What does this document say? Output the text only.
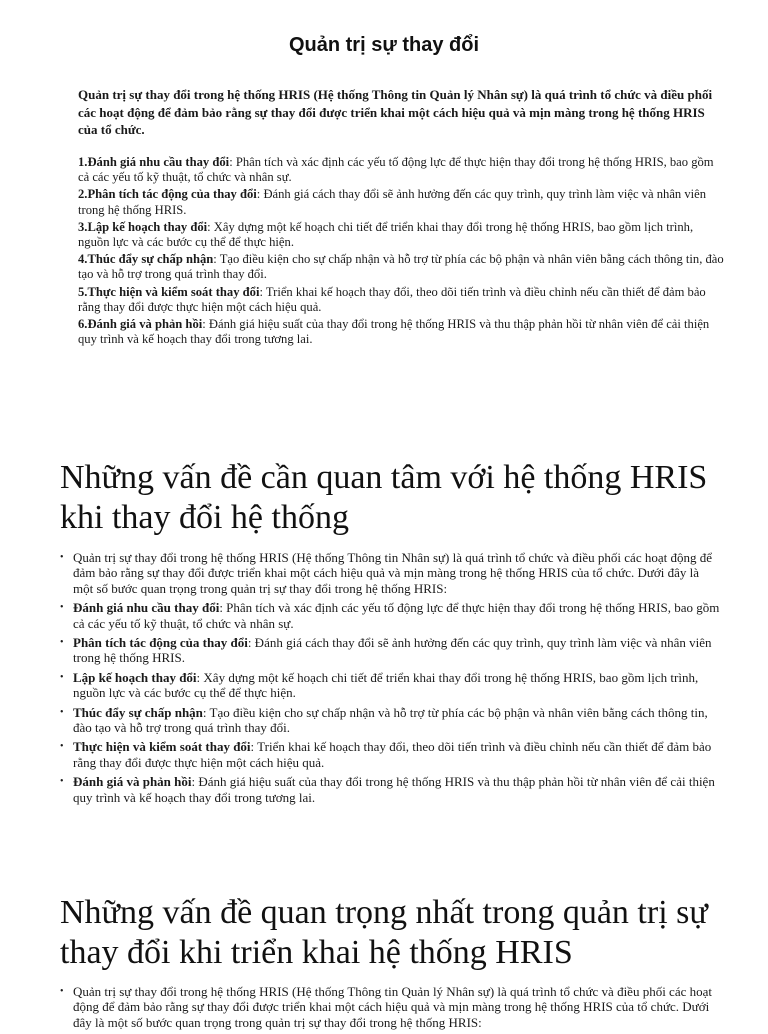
Quản trị sự thay đổi

Quản trị sự thay đổi trong hệ thống HRIS (Hệ thống Thông tin Quản lý Nhân sự) là quá trình tổ chức và điều phối các hoạt động để đảm bảo rằng sự thay đổi được triển khai một cách hiệu quả và mịn màng trong hệ thống HRIS của tổ chức.

1.Đánh giá nhu cầu thay đổi: Phân tích và xác định các yếu tố động lực để thực hiện thay đổi trong hệ thống HRIS, bao gồm cả các yếu tố kỹ thuật, tổ chức và nhân sự.
2.Phân tích tác động của thay đổi: Đánh giá cách thay đổi sẽ ảnh hưởng đến các quy trình, quy trình làm việc và nhân viên trong hệ thống HRIS.
3.Lập kế hoạch thay đổi: Xây dựng một kế hoạch chi tiết để triển khai thay đổi trong hệ thống HRIS, bao gồm lịch trình, nguồn lực và các bước cụ thể để thực hiện.
4.Thúc đẩy sự chấp nhận: Tạo điều kiện cho sự chấp nhận và hỗ trợ từ phía các bộ phận và nhân viên bằng cách thông tin, đào tạo và hỗ trợ trong quá trình thay đổi.
5.Thực hiện và kiểm soát thay đổi: Triển khai kế hoạch thay đổi, theo dõi tiến trình và điều chỉnh nếu cần thiết để đảm bảo rằng thay đổi được thực hiện một cách hiệu quả.
6.Đánh giá và phản hồi: Đánh giá hiệu suất của thay đổi trong hệ thống HRIS và thu thập phản hồi từ nhân viên để cải thiện quy trình và kế hoạch thay đổi trong tương lai.
Những vấn đề cần quan tâm với hệ thống HRIS khi thay đổi hệ thống
• Quản trị sự thay đổi trong hệ thống HRIS (Hệ thống Thông tin Nhân sự) là quá trình tổ chức và điều phối các hoạt động để đảm bảo rằng sự thay đổi được triển khai một cách hiệu quả và mịn màng trong hệ thống HRIS của tổ chức. Dưới đây là một số bước quan trọng trong quản trị sự thay đổi trong hệ thống HRIS:
• Đánh giá nhu cầu thay đổi: Phân tích và xác định các yếu tố động lực để thực hiện thay đổi trong hệ thống HRIS, bao gồm cả các yếu tố kỹ thuật, tổ chức và nhân sự.
• Phân tích tác động của thay đổi: Đánh giá cách thay đổi sẽ ảnh hưởng đến các quy trình, quy trình làm việc và nhân viên trong hệ thống HRIS.
• Lập kế hoạch thay đổi: Xây dựng một kế hoạch chi tiết để triển khai thay đổi trong hệ thống HRIS, bao gồm lịch trình, nguồn lực và các bước cụ thể để thực hiện.
• Thúc đẩy sự chấp nhận: Tạo điều kiện cho sự chấp nhận và hỗ trợ từ phía các bộ phận và nhân viên bằng cách thông tin, đào tạo và hỗ trợ trong quá trình thay đổi.
• Thực hiện và kiểm soát thay đổi: Triển khai kế hoạch thay đổi, theo dõi tiến trình và điều chỉnh nếu cần thiết để đảm bảo rằng thay đổi được thực hiện một cách hiệu quả.
• Đánh giá và phản hồi: Đánh giá hiệu suất của thay đổi trong hệ thống HRIS và thu thập phản hồi từ nhân viên để cải thiện quy trình và kế hoạch thay đổi trong tương lai.
Những vấn đề quan trọng nhất trong quản trị sự thay đổi khi triển khai hệ thống HRIS
• Quản trị sự thay đổi trong hệ thống HRIS (Hệ thống Thông tin Quản lý Nhân sự) là quá trình tổ chức và điều phối các hoạt động để đảm bảo rằng sự thay đổi được triển khai một cách hiệu quả và mịn màng trong hệ thống HRIS của tổ chức. Dưới đây là một số bước quan trọng trong quản trị sự thay đổi trong hệ thống HRIS:
